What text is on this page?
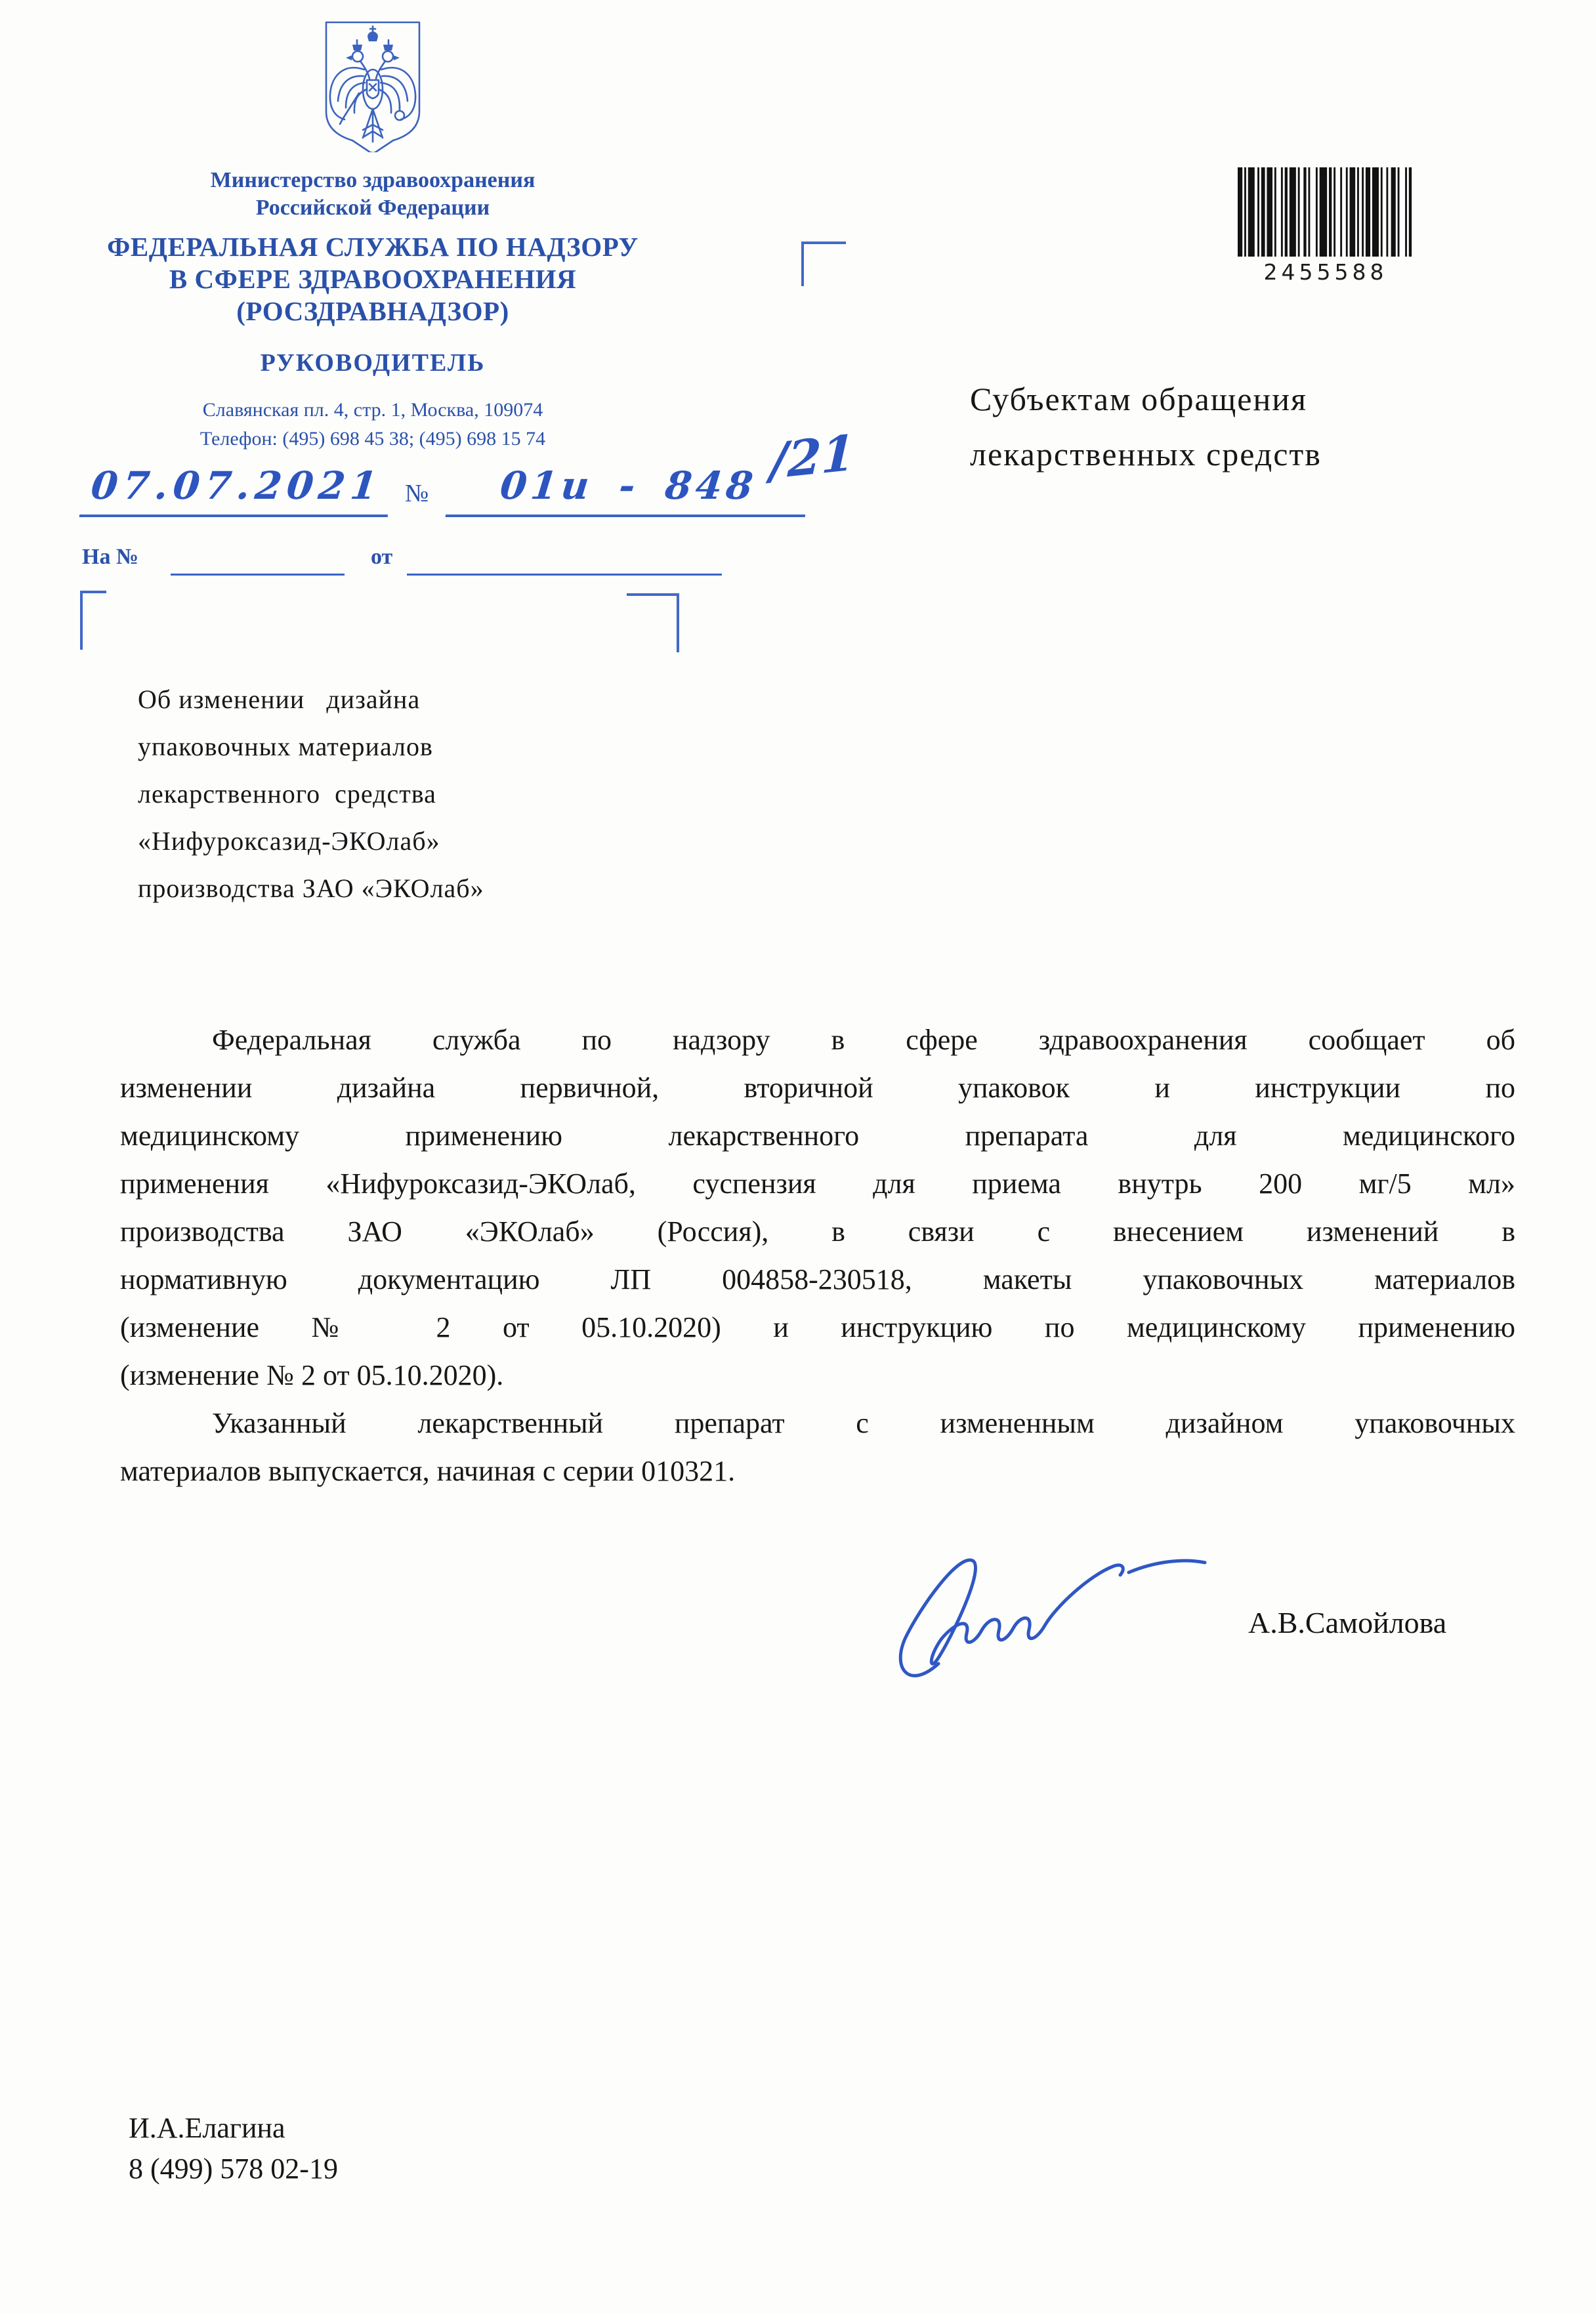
Министерство здравоохранения
Российской Федерации
ФЕДЕРАЛЬНАЯ СЛУЖБА ПО НАДЗОРУ
В СФЕРЕ ЗДРАВООХРАНЕНИЯ
(РОСЗДРАВНАДЗОР)
РУКОВОДИТЕЛЬ
Славянская пл. 4, стр. 1, Москва, 109074
Телефон: (495) 698 45 38; (495) 698 15 74
07.07.2021 №	01и - 848 /21
На №	от
2455588
Субъектам обращения
лекарственных средств
Об изменении   дизайна
упаковочных материалов
лекарственного  средства
«Нифуроксазид-ЭКОлаб»
производства ЗАО «ЭКОлаб»
Федеральная служба по надзору в сфере здравоохранения сообщает об
изменении дизайна первичной, вторичной упаковок и инструкции по
медицинскому применению лекарственного препарата для медицинского
применения «Нифуроксазид-ЭКОлаб, суспензия для приема внутрь 200 мг/5 мл»
производства ЗАО «ЭКОлаб» (Россия), в связи с внесением изменений в
нормативную документацию ЛП 004858-230518, макеты упаковочных материалов
(изменение № 2 от 05.10.2020) и инструкцию по медицинскому применению
(изменение № 2 от 05.10.2020).
Указанный лекарственный препарат с измененным дизайном упаковочных
материалов выпускается, начиная с серии 010321.
А.В.Самойлова
И.А.Елагина
8 (499) 578 02-19
